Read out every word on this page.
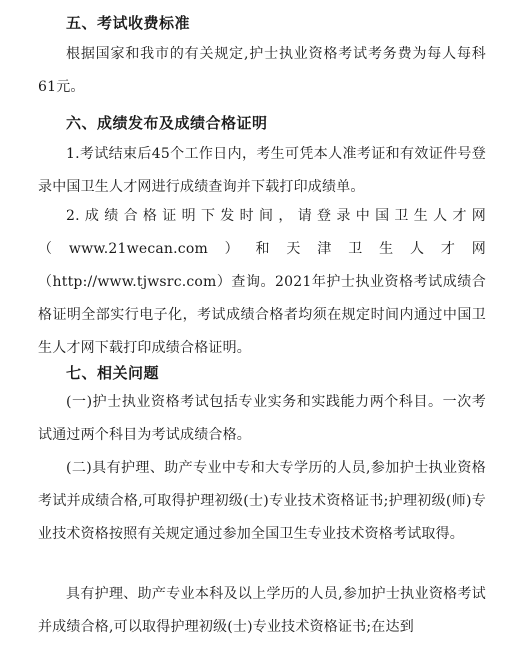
五、考试收费标准
根据国家和我市的有关规定,护士执业资格考试考务费为每人每科61元。
六、成绩发布及成绩合格证明
1.考试结束后45个工作日内，考生可凭本人准考证和有效证件号登录中国卫生人才网进行成绩查询并下载打印成绩单。
2.成绩合格证明下发时间，请登录中国卫生人才网（www.21wecan.com）和天津卫生人才网（http://www.tjwsrc.com）查询。2021年护士执业资格考试成绩合格证明全部实行电子化，考试成绩合格者均须在规定时间内通过中国卫生人才网下载打印成绩合格证明。
七、相关问题
(一)护士执业资格考试包括专业实务和实践能力两个科目。一次考试通过两个科目为考试成绩合格。
(二)具有护理、助产专业中专和大专学历的人员,参加护士执业资格考试并成绩合格,可取得护理初级(士)专业技术资格证书;护理初级(师)专业技术资格按照有关规定通过参加全国卫生专业技术资格考试取得。
具有护理、助产专业本科及以上学历的人员,参加护士执业资格考试并成绩合格,可以取得护理初级(士)专业技术资格证书;在达到
